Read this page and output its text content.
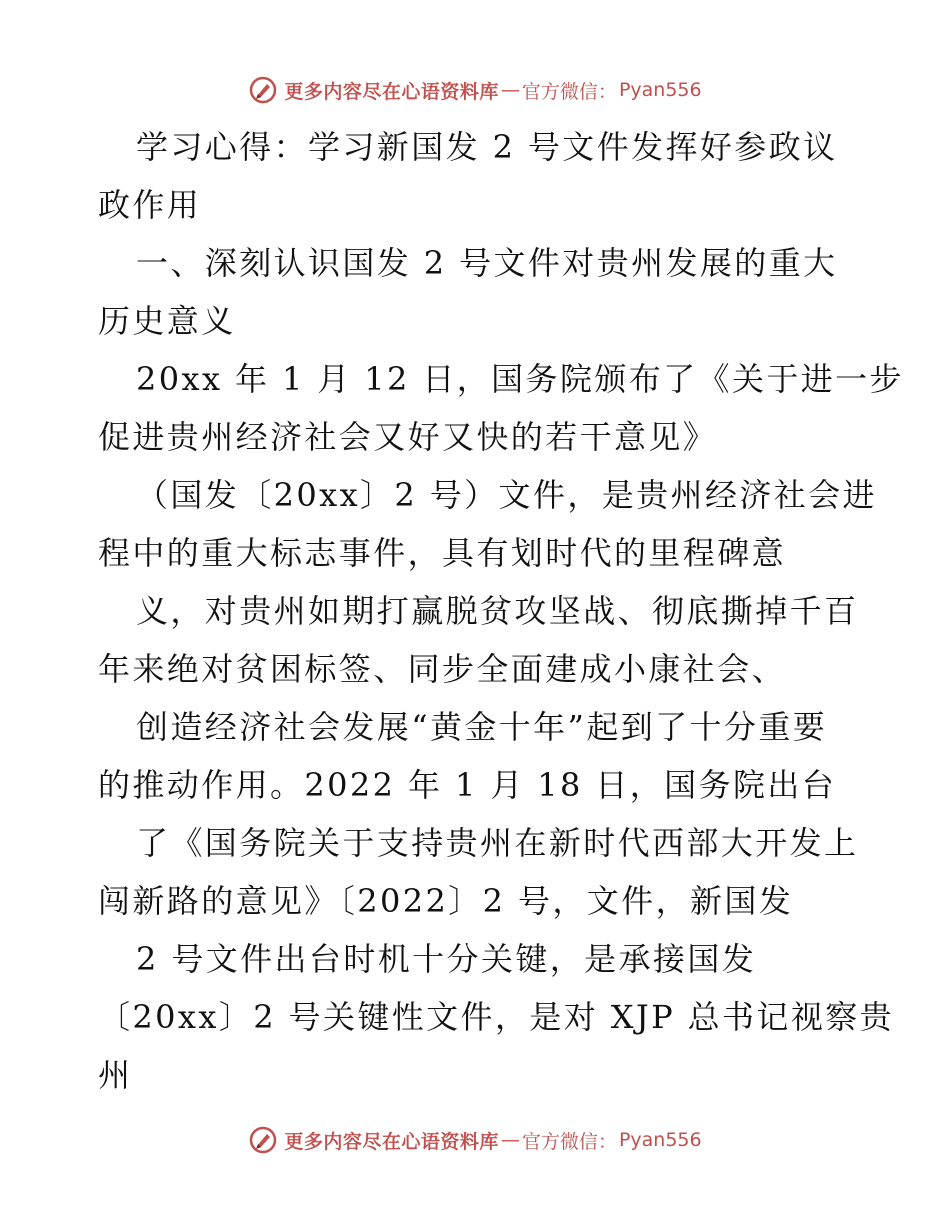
更多内容尽在心语资料库 — 官方微信： Pyan556
学习心得：学习新国发 2 号文件发挥好参政议
政作用
一、深刻认识国发 2 号文件对贵州发展的重大
历史意义
20xx 年 1 月 12 日，国务院颁布了《关于进一步
促进贵州经济社会又好又快的若干意见》
（国发〔20xx〕2 号）文件，是贵州经济社会进
程中的重大标志事件，具有划时代的里程碑意
义，对贵州如期打赢脱贫攻坚战、彻底撕掉千百
年来绝对贫困标签、同步全面建成小康社会、
创造经济社会发展“黄金十年”起到了十分重要
的推动作用。2022 年 1 月 18 日，国务院出台
了《国务院关于支持贵州在新时代西部大开发上
闯新路的意见》〔2022〕2 号，文件，新国发
2 号文件出台时机十分关键，是承接国发
〔20xx〕2 号关键性文件，是对 XJP 总书记视察贵
州
更多内容尽在心语资料库 — 官方微信： Pyan556
